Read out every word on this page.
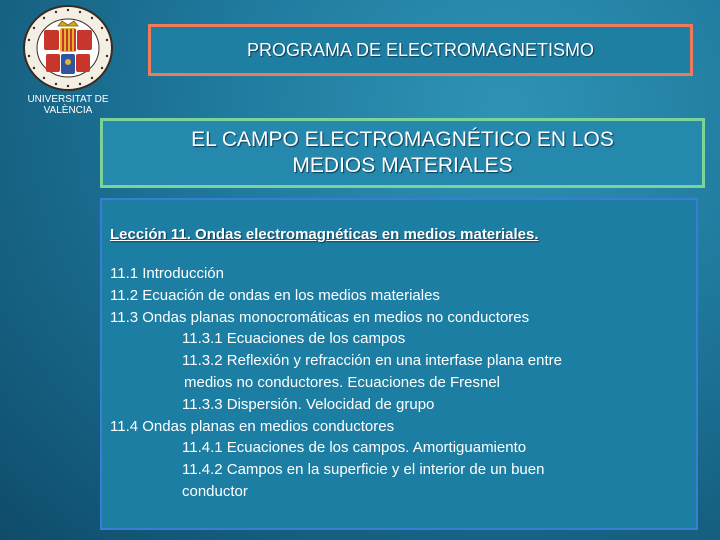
UNIVERSITAT DE
VALÈNCIA
PROGRAMA DE ELECTROMAGNETISMO
EL CAMPO ELECTROMAGNÉTICO EN LOS
MEDIOS MATERIALES
Lección 11. Ondas electromagnéticas en medios materiales.
11.1 Introducción
11.2 Ecuación de ondas en los medios materiales
11.3 Ondas planas monocromáticas en medios no conductores
11.3.1 Ecuaciones de los campos
11.3.2 Reflexión y refracción en una interfase plana entre
medios no conductores. Ecuaciones de Fresnel
11.3.3 Dispersión. Velocidad de grupo
11.4 Ondas planas en medios conductores
11.4.1 Ecuaciones de los campos. Amortiguamiento
11.4.2 Campos en la superficie y el interior de un buen
conductor
